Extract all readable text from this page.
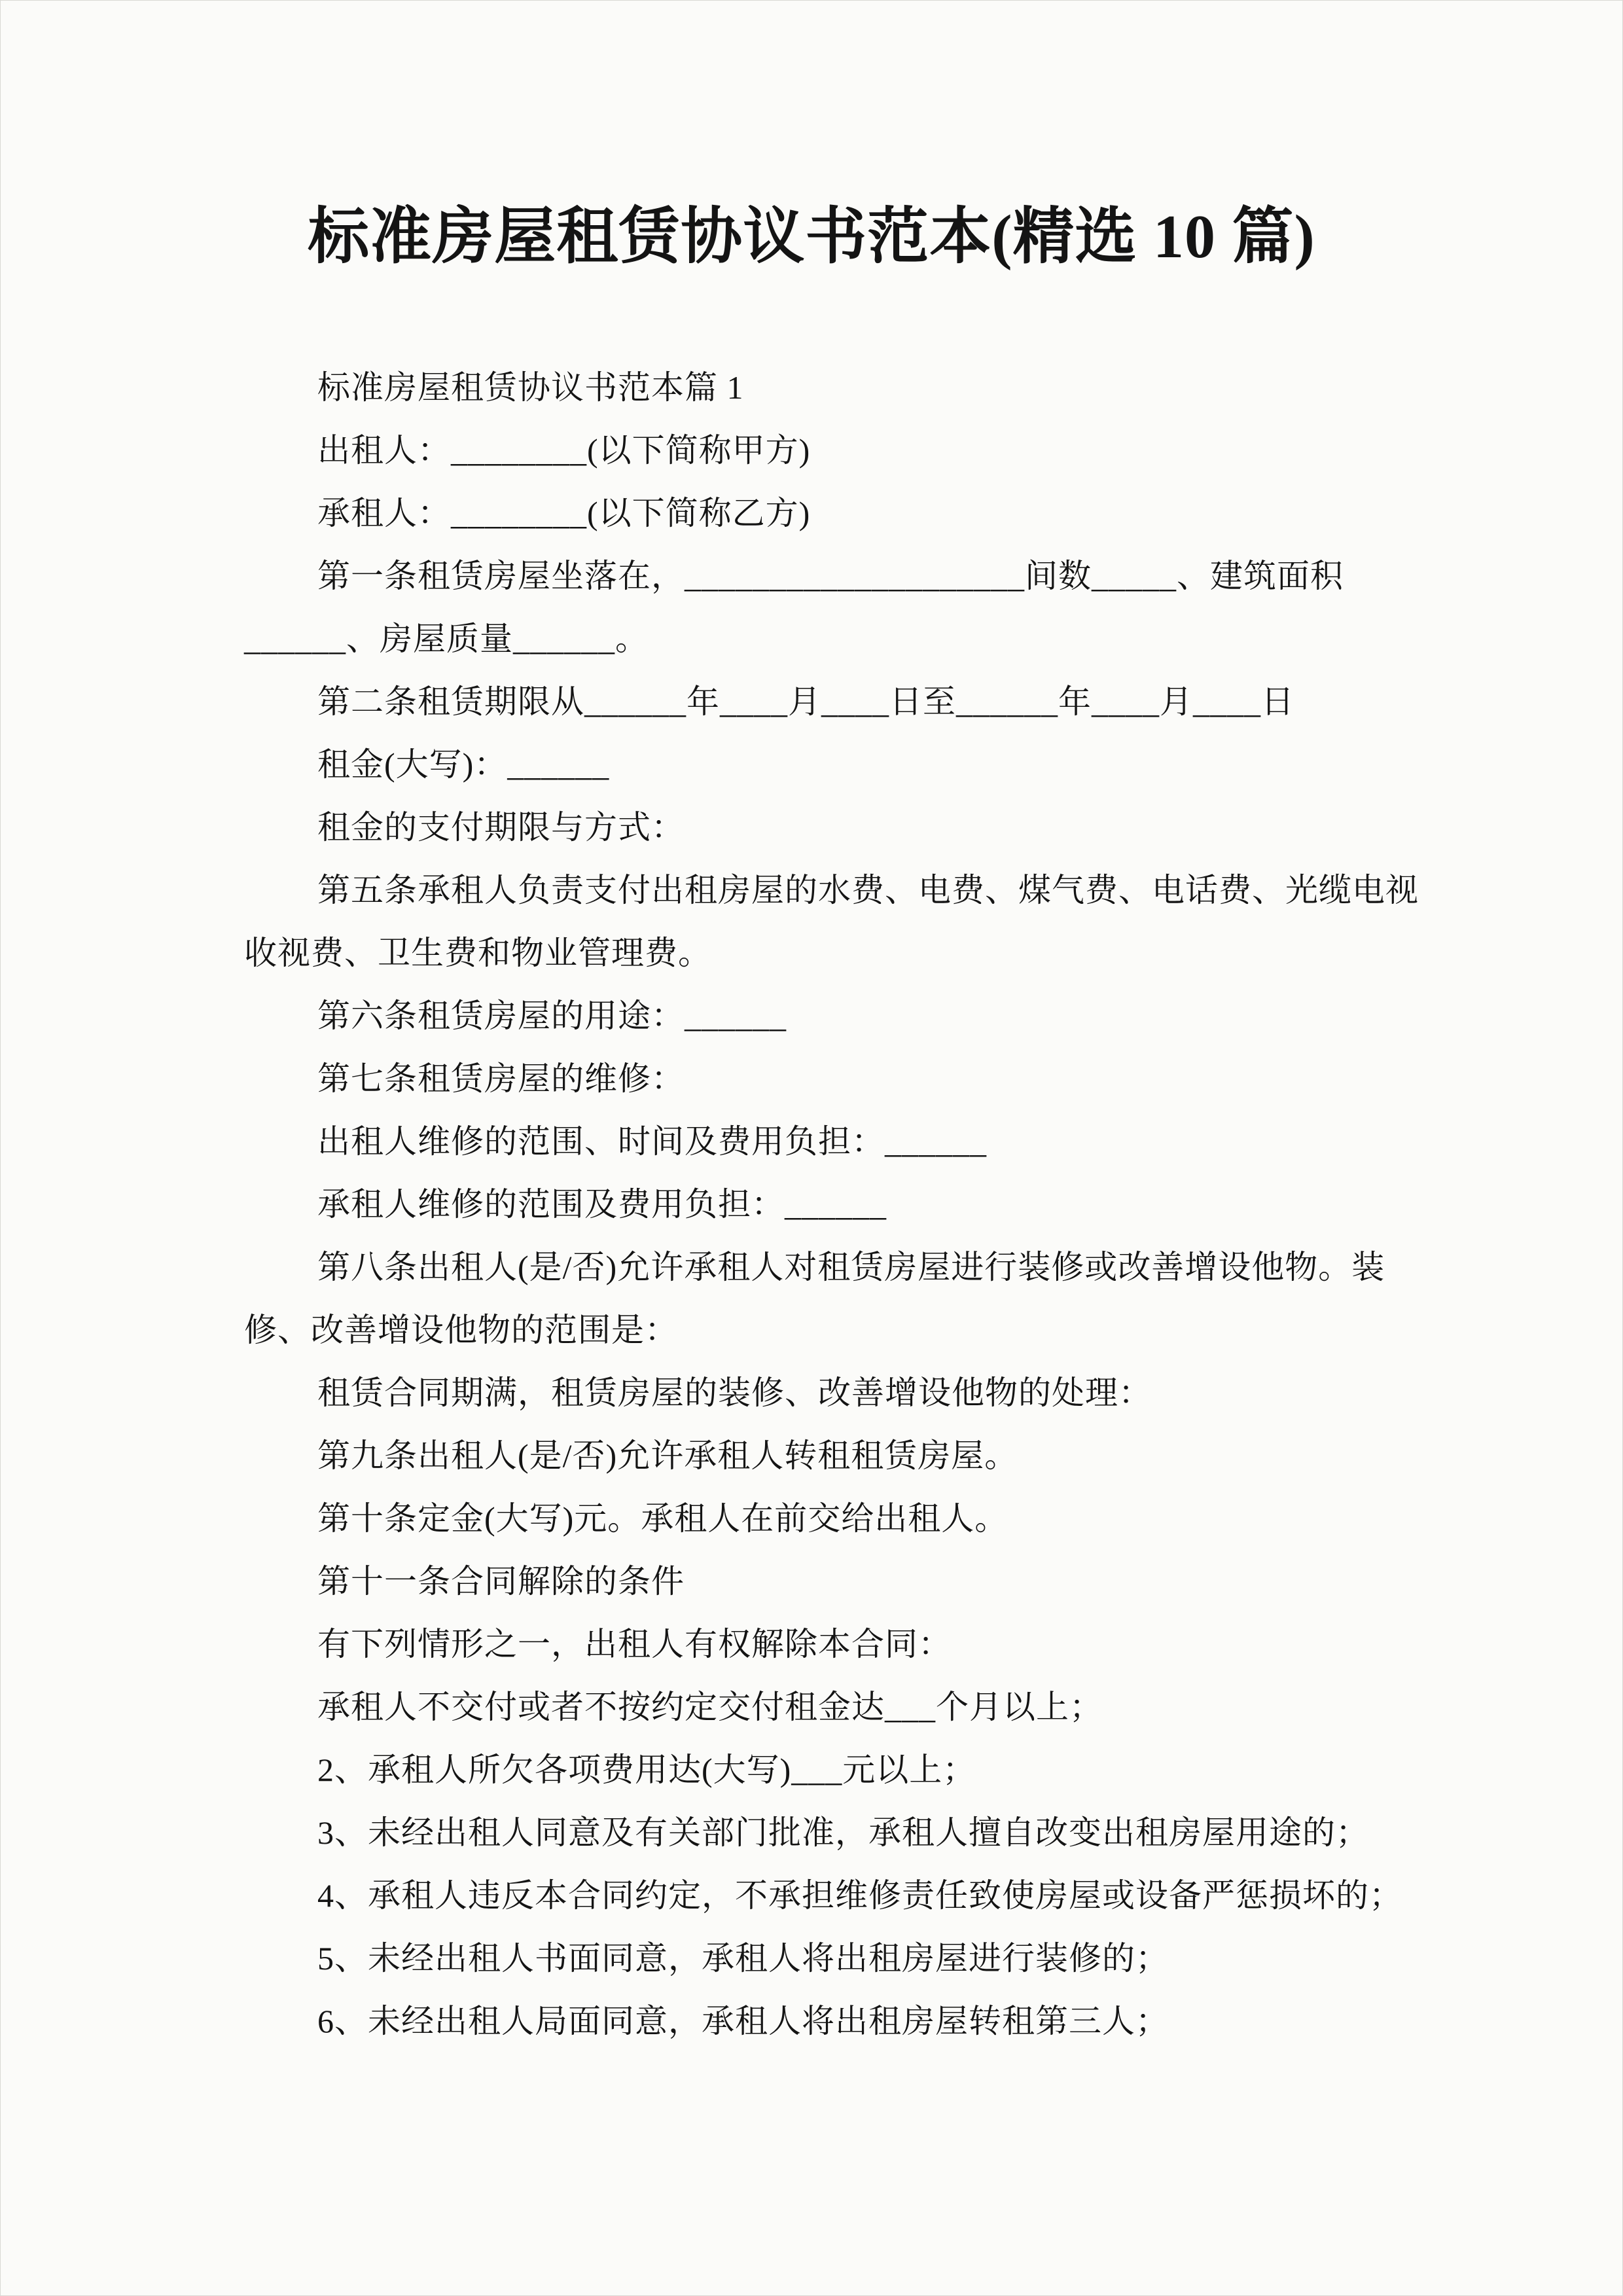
标准房屋租赁协议书范本(精选 10 篇)
标准房屋租赁协议书范本篇 1
出租人：________(以下简称甲方)
承租人：________(以下简称乙方)
第一条租赁房屋坐落在，____________________间数_____、建筑面积
______、房屋质量______。
第二条租赁期限从______年____月____日至______年____月____日
租金(大写)：______
租金的支付期限与方式：
第五条承租人负责支付出租房屋的水费、电费、煤气费、电话费、光缆电视
收视费、卫生费和物业管理费。
第六条租赁房屋的用途：______
第七条租赁房屋的维修：
出租人维修的范围、时间及费用负担：______
承租人维修的范围及费用负担：______
第八条出租人(是/否)允许承租人对租赁房屋进行装修或改善增设他物。装
修、改善增设他物的范围是：
租赁合同期满，租赁房屋的装修、改善增设他物的处理：
第九条出租人(是/否)允许承租人转租租赁房屋。
第十条定金(大写)元。承租人在前交给出租人。
第十一条合同解除的条件
有下列情形之一，出租人有权解除本合同：
承租人不交付或者不按约定交付租金达___个月以上；
2、承租人所欠各项费用达(大写)___元以上；
3、未经出租人同意及有关部门批准，承租人擅自改变出租房屋用途的；
4、承租人违反本合同约定，不承担维修责任致使房屋或设备严惩损坏的；
5、未经出租人书面同意，承租人将出租房屋进行装修的；
6、未经出租人局面同意，承租人将出租房屋转租第三人；
